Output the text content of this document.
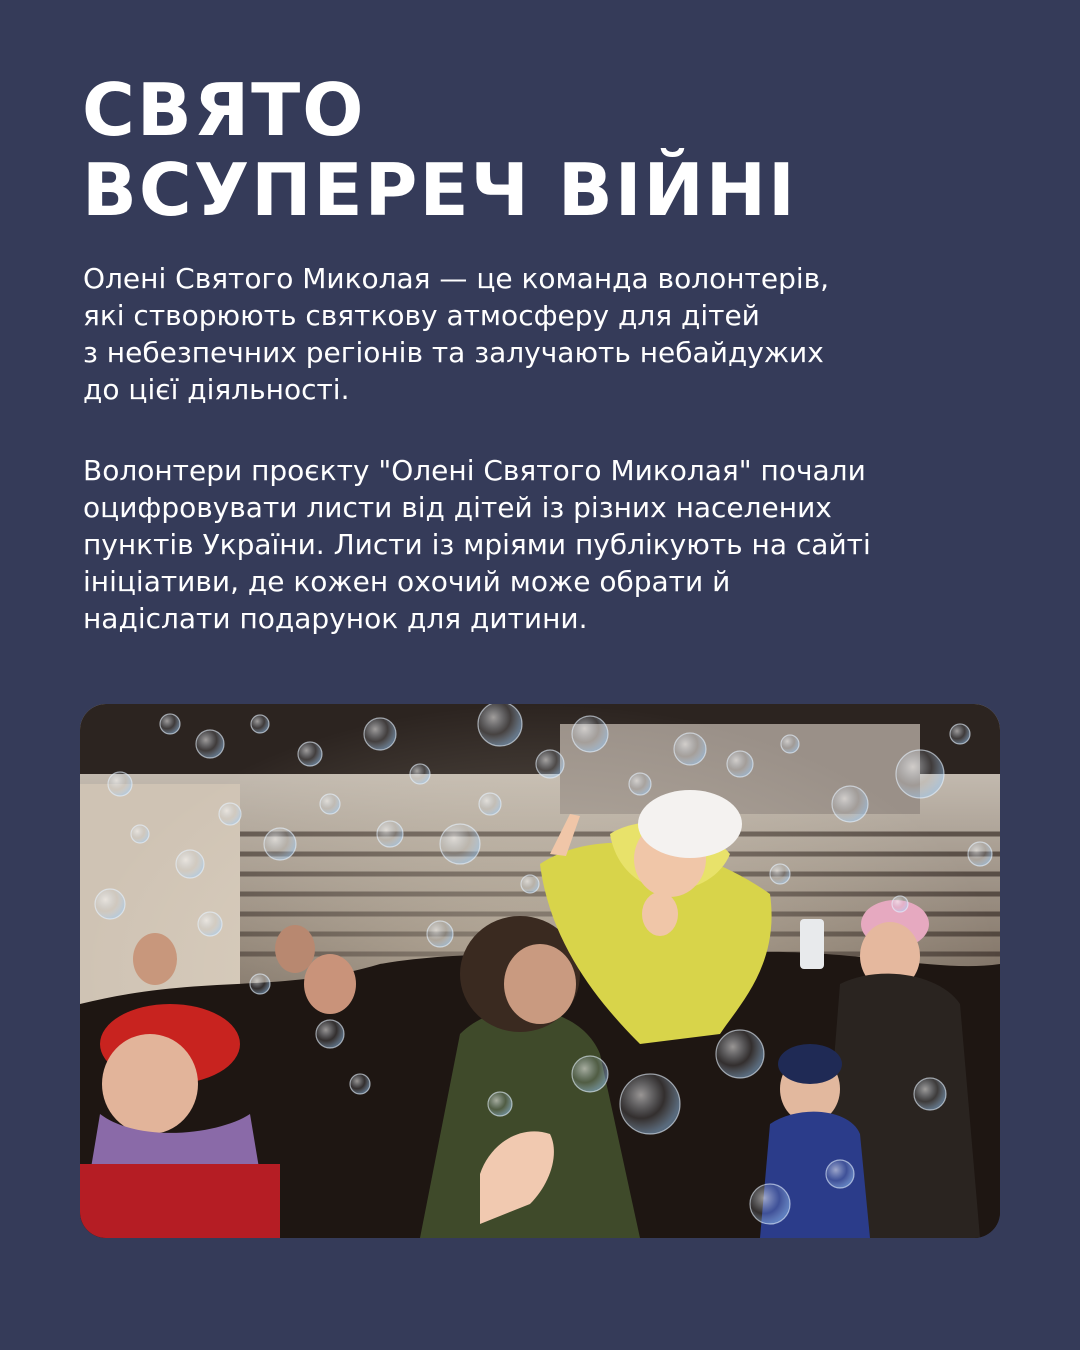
СВЯТО
ВСУПЕРЕЧ ВІЙНІ

Олені Святого Миколая — це команда волонтерів,
які створюють святкову атмосферу для дітей
з небезпечних регіонів та залучають небайдужих
до цієї діяльності.

Волонтери проєкту "Олені Святого Миколая" почали
оцифровувати листи від дітей із різних населених
пунктів України. Листи із мріями публікують на сайті
ініціативи, де кожен охочий може обрати й
надіслати подарунок для дитини.
